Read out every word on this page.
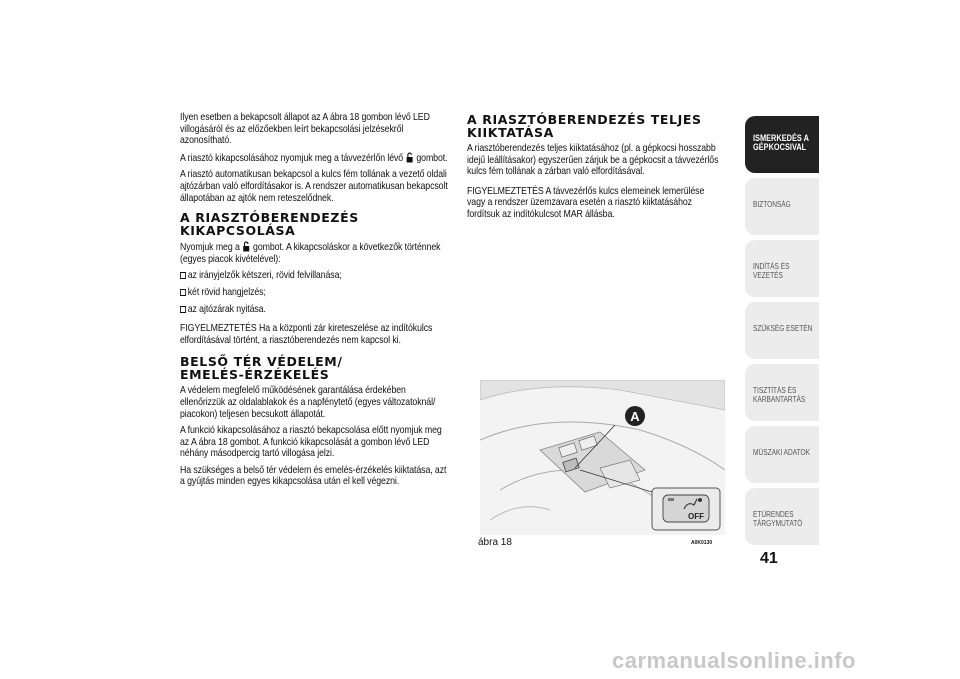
Ilyen esetben a bekapcsolt állapot az A ábra 18 gombon lévő LED villogásáról és az előzőekben leírt bekapcsolási jelzésekről azonosítható.

A riasztó kikapcsolásához nyomjuk meg a távvezérlőn lévő gombot.

A riasztó automatikusan bekapcsol a kulcs fém tollának a vezető oldali ajtózárban való elfordításakor is. A rendszer automatikusan bekapcsolt állapotában az ajtók nem reteszelődnek.

A RIASZTÓBERENDEZÉS
KIKAPCSOLÁSA

Nyomjuk meg a gombot. A kikapcsoláskor a következők történnek (egyes piacok kivételével):

az irányjelzők kétszeri, rövid felvillanása;

két rövid hangjelzés;

az ajtózárak nyitása.

FIGYELMEZTETÉS Ha a központi zár kireteszelése az indítókulcs elfordításával történt, a riasztóberendezés nem kapcsol ki.

BELSŐ TÉR VÉDELEM/
EMELÉS-ÉRZÉKELÉS

A védelem megfelelő működésének garantálása érdekében ellenőrizzük az oldalablakok és a napfénytető (egyes változatoknál/ piacokon) teljesen becsukott állapotát.

A funkció kikapcsolásához a riasztó bekapcsolása előtt nyomjuk meg az A ábra 18 gombot. A funkció kikapcsolását a gombon lévő LED néhány másodpercig tartó villogása jelzi.

Ha szükséges a belső tér védelem és emelés-érzékelés kiiktatása, azt a gyújtás minden egyes kikapcsolása után el kell végezni.

A RIASZTÓBERENDEZÉS TELJES
KIIKTATÁSA

A riasztóberendezés teljes kiiktatásához (pl. a gépkocsi hosszabb idejű leállításakor) egyszerűen zárjuk be a gépkocsit a távvezérlős kulcs fém tollának a zárban való elfordításával.

FIGYELMEZTETÉS A távvezérlős kulcs elemeinek lemerülése vagy a rendszer üzemzavara esetén a riasztó kiiktatásához fordítsuk az indítókulcsot MAR állásba.

A
OFF
ábra 18	A0K0130
ISMERKEDÉS A GÉPKOCSIVAL
BIZTONSÁG
INDÍTÁS ÉS VEZETÉS
SZÜKSÉG ESETÉN
TISZTÍTÁS ÉS KARBANTARTÁS
MŰSZAKI ADATOK
ETŰRENDES TÁRGYMUTATÓ
41
carmanualsonline.info
